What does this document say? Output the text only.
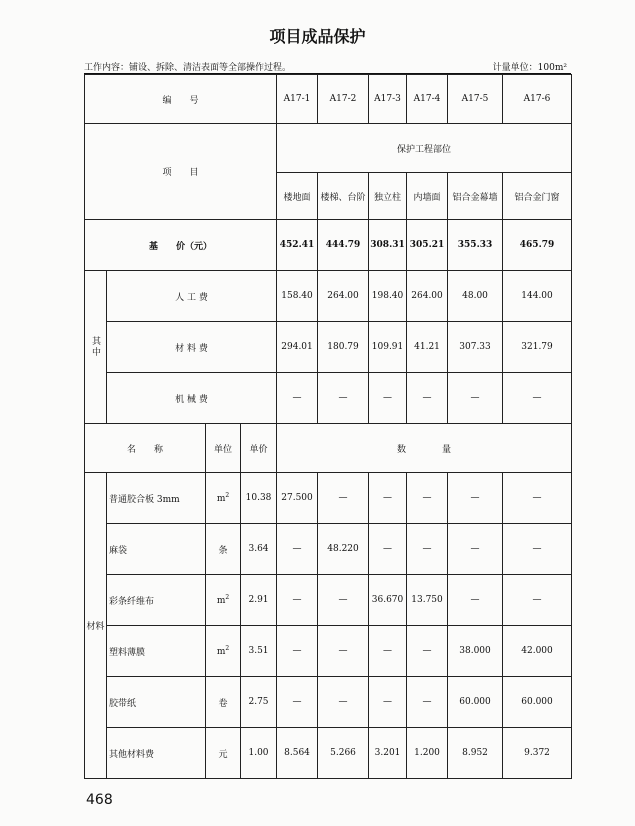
项目成品保护
工作内容：铺设、拆除、清洁表面等全部操作过程。	计量单位：100m²
编　　号				A17-1	A17-2	A17-3	A17-4	A17-5	A17-6
项　　目				保护工程部位					
				楼地面	楼梯、台阶	独立柱	内墙面	铝合金幕墙	铝合金门窗
基　　价（元）				452.41	444.79	308.31	305.21	355.33	465.79
其中	人 工 费			158.40	264.00	198.40	264.00	48.00	144.00
	材 料 费			294.01	180.79	109.91	41.21	307.33	321.79
	机 械 费			—	—	—	—	—	—
名　　称		单位	单价	数　　　　量					
材料	普通胶合板 3mm	$m^2$	10.38	27.500	—	—	—	—	—
	麻袋	条	3.64	—	48.220	—	—	—	—
	彩条纤维布	$m^2$	2.91	—	—	36.670	13.750	—	—
	塑料薄膜	$m^2$	3.51	—	—	—	—	38.000	42.000
	胶带纸	卷	2.75	—	—	—	—	60.000	60.000
	其他材料费	元	1.00	8.564	5.266	3.201	1.200	8.952	9.372
468
